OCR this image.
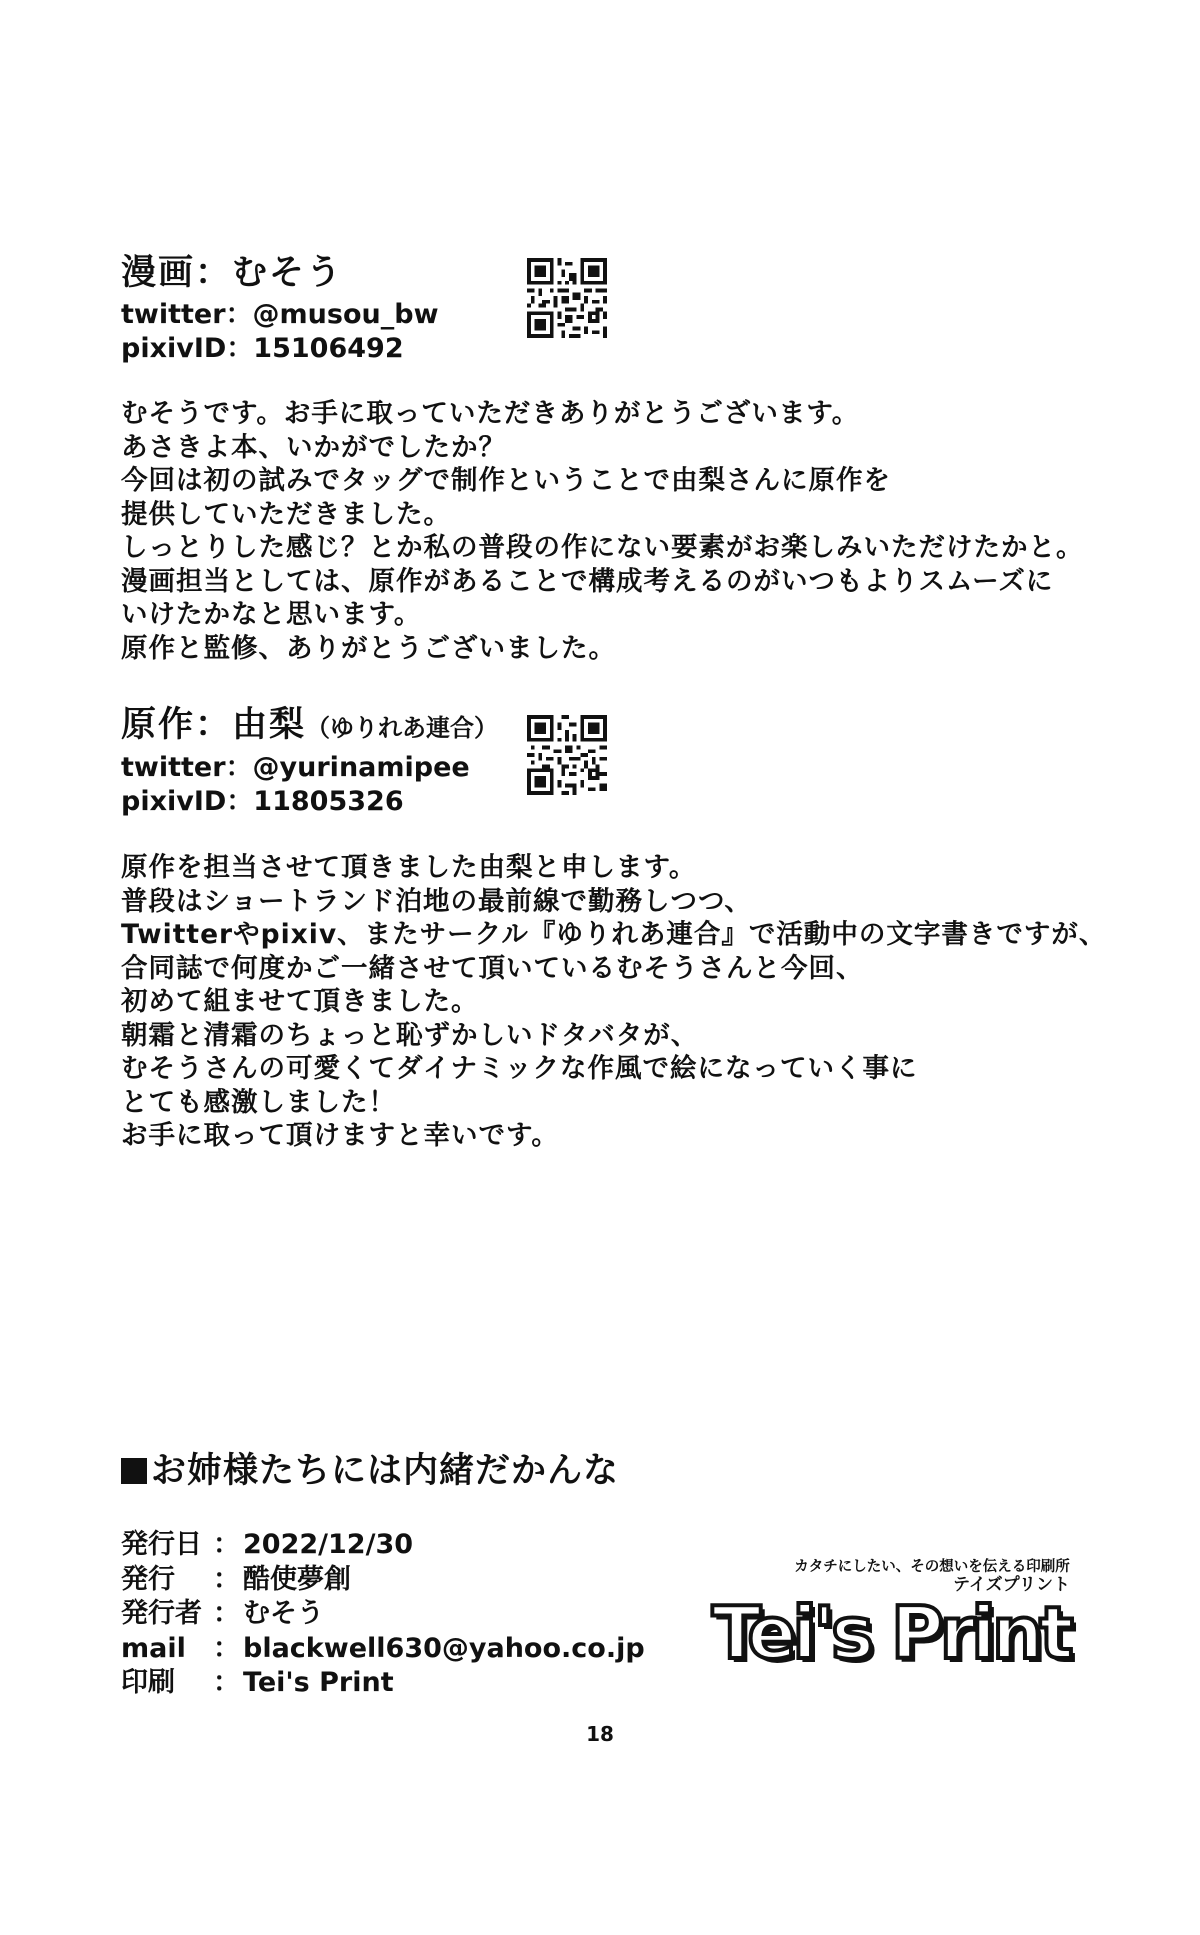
漫画：むそう
twitter：@musou_bw
pixivID：15106492
むそうです。お手に取っていただきありがとうございます。
あさきよ本、いかがでしたか？
今回は初の試みでタッグで制作ということで由梨さんに原作を
提供していただきました。
しっとりした感じ？とか私の普段の作にない要素がお楽しみいただけたかと。
漫画担当としては、原作があることで構成考えるのがいつもよりスムーズに
いけたかなと思います。
原作と監修、ありがとうございました。
原作：由梨（ゆりれあ連合）
twitter：@yurinamipee
pixivID：11805326
原作を担当させて頂きました由梨と申します。
普段はショートランド泊地の最前線で勤務しつつ、
Twitterやpixiv、またサークル『ゆりれあ連合』で活動中の文字書きですが、
合同誌で何度かご一緒させて頂いているむそうさんと今回、
初めて組ませて頂きました。
朝霜と清霜のちょっと恥ずかしいドタバタが、
むそうさんの可愛くてダイナミックな作風で絵になっていく事に
とても感激しました！
お手に取って頂けますと幸いです。
お姉様たちには内緒だかんな
発行日 ： 2022/12/30
発行	： 酷使夢創
発行者 ： むそう
mail	： blackwell630@yahoo.co.jp
印刷	： Tei's Print
カタチにしたい、その想いを伝える印刷所
テイズプリント
Tei's Print
18
